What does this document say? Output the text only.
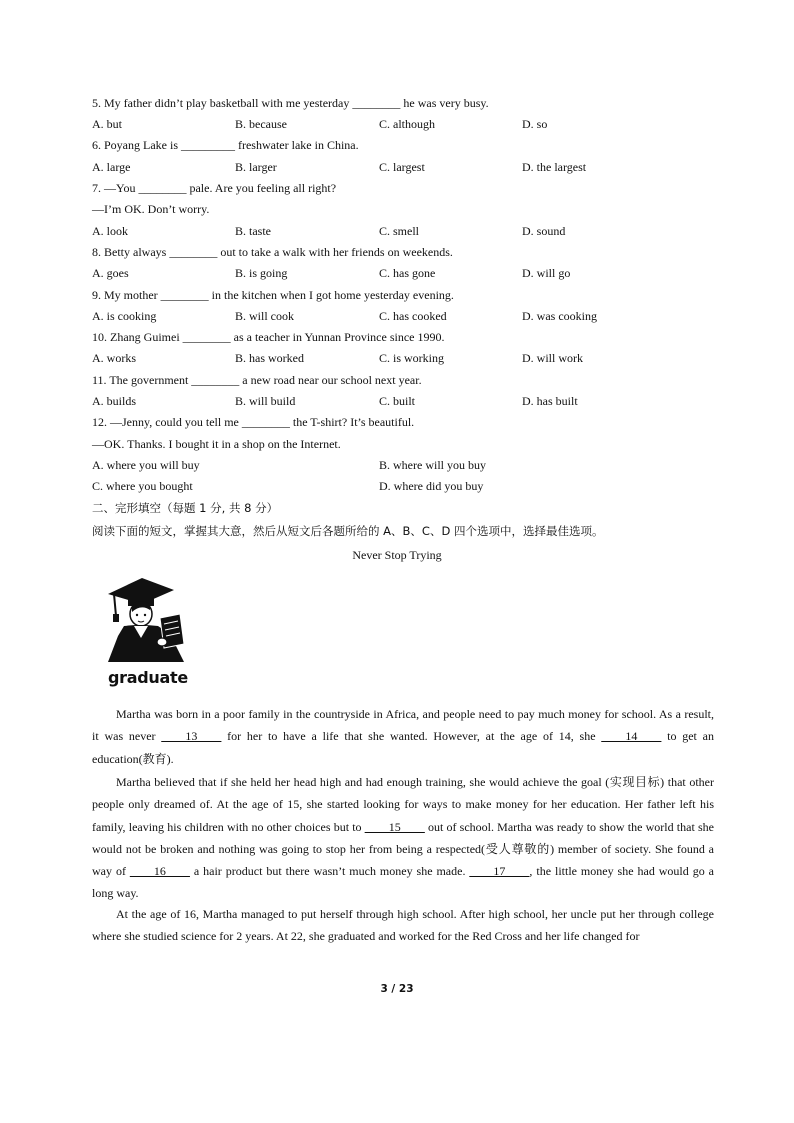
5. My father didn’t play basketball with me yesterday ________ he was very busy.
A. but	B. because	C. although	D. so
6. Poyang Lake is _________ freshwater lake in China.
A. large	B. larger	C. largest	D. the largest
7. —You ________ pale. Are you feeling all right?
—I’m OK. Don’t worry.
A. look	B. taste	C. smell	D. sound
8. Betty always ________ out to take a walk with her friends on weekends.
A. goes	B. is going	C. has gone	D. will go
9. My mother ________ in the kitchen when I got home yesterday evening.
A. is cooking	B. will cook	C. has cooked	D. was cooking
10. Zhang Guimei ________ as a teacher in Yunnan Province since 1990.
A. works	B. has worked	C. is working	D. will work
11. The government ________ a new road near our school next year.
A. builds	B. will build	C. built	D. has built
12. —Jenny, could you tell me ________ the T-shirt? It’s beautiful.
—OK. Thanks. I bought it in a shop on the Internet.
A. where you will buy	B. where will you buy
C. where you bought	D. where did you buy
二、完形填空（每题 1 分, 共 8 分）
阅读下面的短文，掌握其大意，然后从短文后各题所给的 A、B、C、D 四个选项中，选择最佳选项。
Never Stop Trying
graduate
Martha was born in a poor family in the countryside in Africa, and people need to pay much money for school. As a result, it was never ____13____ for her to have a life that she wanted. However, at the age of 14, she ____14____ to get an education(教育).
Martha believed that if she held her head high and had enough training, she would achieve the goal (实现目标) that other people only dreamed of. At the age of 15, she started looking for ways to make money for her education. Her father left his family, leaving his children with no other choices but to ____15____ out of school. Martha was ready to show the world that she would not be broken and nothing was going to stop her from being a respected(受人尊敬的) member of society. She found a way of ____16____ a hair product but there wasn’t much money she made. ____17____, the little money she had would go a long way.
At the age of 16, Martha managed to put herself through high school. After high school, her uncle put her through college where she studied science for 2 years. At 22, she graduated and worked for the Red Cross and her life changed for
3 / 23
